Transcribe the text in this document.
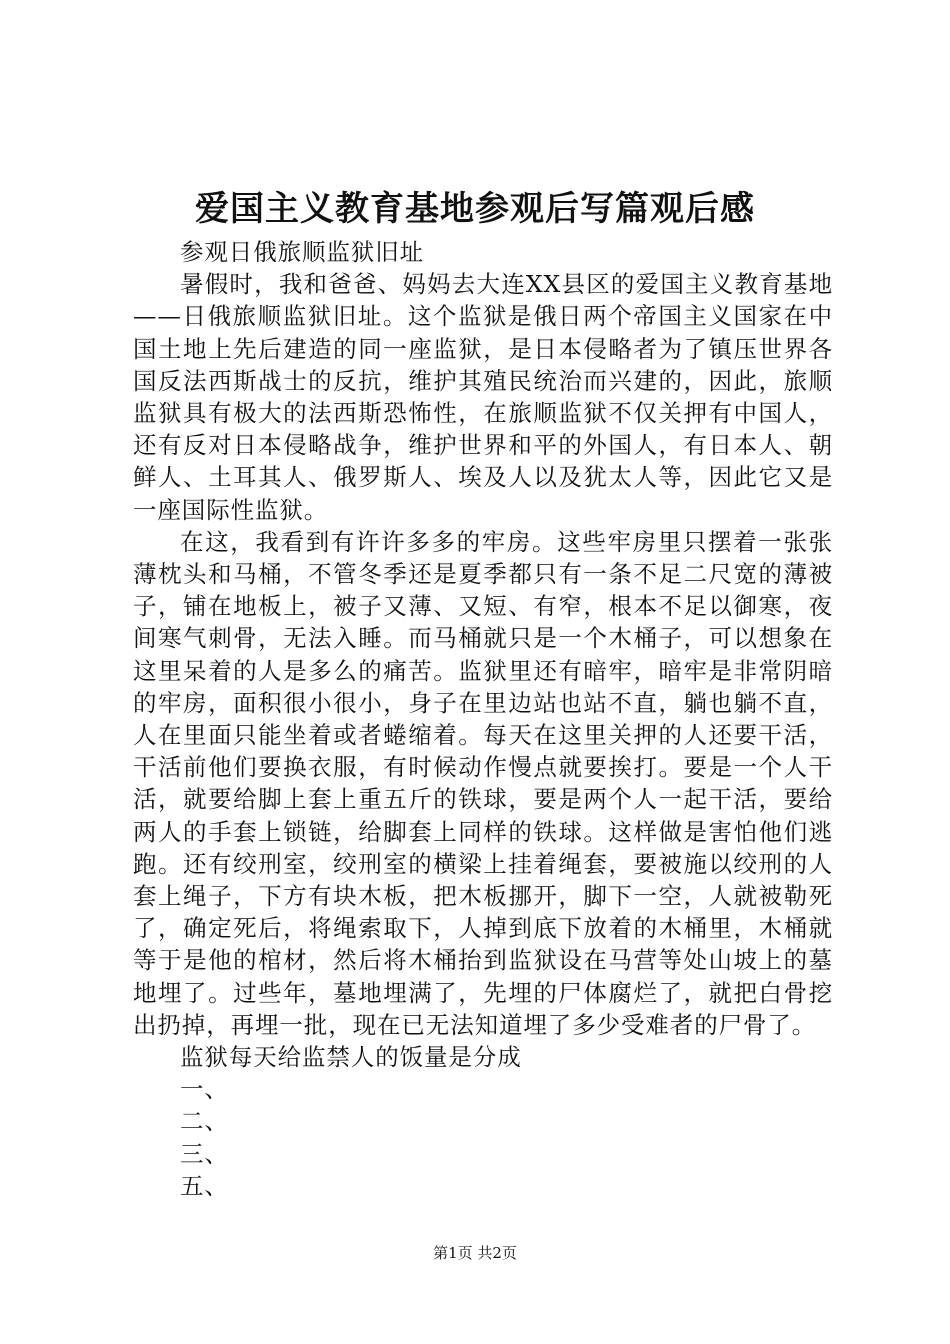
爱国主义教育基地参观后写篇观后感

参观日俄旅顺监狱旧址

暑假时，我和爸爸、妈妈去大连XX县区的爱国主义教育基地——日俄旅顺监狱旧址。这个监狱是俄日两个帝国主义国家在中国土地上先后建造的同一座监狱，是日本侵略者为了镇压世界各国反法西斯战士的反抗，维护其殖民统治而兴建的，因此，旅顺监狱具有极大的法西斯恐怖性，在旅顺监狱不仅关押有中国人，还有反对日本侵略战争，维护世界和平的外国人，有日本人、朝鲜人、土耳其人、俄罗斯人、埃及人以及犹太人等，因此它又是一座国际性监狱。

在这，我看到有许许多多的牢房。这些牢房里只摆着一张张薄枕头和马桶，不管冬季还是夏季都只有一条不足二尺宽的薄被子，铺在地板上，被子又薄、又短、有窄，根本不足以御寒，夜间寒气刺骨，无法入睡。而马桶就只是一个木桶子，可以想象在这里呆着的人是多么的痛苦。监狱里还有暗牢，暗牢是非常阴暗的牢房，面积很小很小，身子在里边站也站不直，躺也躺不直，人在里面只能坐着或者蜷缩着。每天在这里关押的人还要干活，干活前他们要换衣服，有时候动作慢点就要挨打。要是一个人干活，就要给脚上套上重五斤的铁球，要是两个人一起干活，要给两人的手套上锁链，给脚套上同样的铁球。这样做是害怕他们逃跑。还有绞刑室，绞刑室的横梁上挂着绳套，要被施以绞刑的人套上绳子，下方有块木板，把木板挪开，脚下一空，人就被勒死了，确定死后，将绳索取下，人掉到底下放着的木桶里，木桶就等于是他的棺材，然后将木桶抬到监狱设在马营等处山坡上的墓地埋了。过些年，墓地埋满了，先埋的尸体腐烂了，就把白骨挖出扔掉，再埋一批，现在已无法知道埋了多少受难者的尸骨了。

监狱每天给监禁人的饭量是分成

一、

二、

三、

五、

第1页 共2页
